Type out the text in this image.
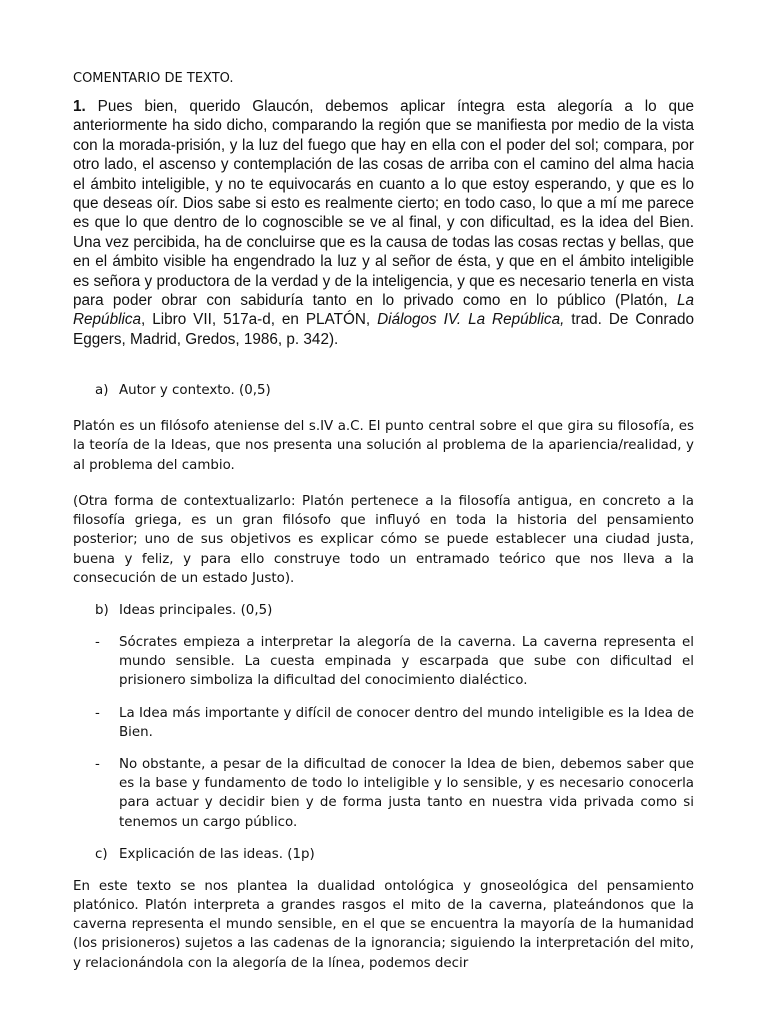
COMENTARIO DE TEXTO.

1. Pues bien, querido Glaucón, debemos aplicar íntegra esta alegoría a lo que anteriormente ha sido dicho, comparando la región que se manifiesta por medio de la vista con la morada-prisión, y la luz del fuego que hay en ella con el poder del sol; compara, por otro lado, el ascenso y contemplación de las cosas de arriba con el camino del alma hacia el ámbito inteligible, y no te equivocarás en cuanto a lo que estoy esperando, y que es lo que deseas oír. Dios sabe si esto es realmente cierto; en todo caso, lo que a mí me parece es que lo que dentro de lo cognoscible se ve al final, y con dificultad, es la idea del Bien. Una vez percibida, ha de concluirse que es la causa de todas las cosas rectas y bellas, que en el ámbito visible ha engendrado la luz y al señor de ésta, y que en el ámbito inteligible es señora y productora de la verdad y de la inteligencia, y que es necesario tenerla en vista para poder obrar con sabiduría tanto en lo privado como en lo público (Platón, La República, Libro VII, 517a-d, en PLATÓN, Diálogos IV. La República, trad. De Conrado Eggers, Madrid, Gredos, 1986, p. 342).

a) Autor y contexto. (0,5)

Platón es un filósofo ateniense del s.IV a.C. El punto central sobre el que gira su filosofía, es la teoría de la Ideas, que nos presenta una solución al problema de la apariencia/realidad, y al problema del cambio.

(Otra forma de contextualizarlo: Platón pertenece a la filosofía antigua, en concreto a la filosofía griega, es un gran filósofo que influyó en toda la historia del pensamiento posterior; uno de sus objetivos es explicar cómo se puede establecer una ciudad justa, buena y feliz, y para ello construye todo un entramado teórico que nos lleva a la consecución de un estado Justo).

b) Ideas principales. (0,5)
-	Sócrates empieza a interpretar la alegoría de la caverna. La caverna representa el mundo sensible. La cuesta empinada y escarpada que sube con dificultad el prisionero simboliza la dificultad del conocimiento dialéctico.
-	La Idea más importante y difícil de conocer dentro del mundo inteligible es la Idea de Bien.
-	No obstante, a pesar de la dificultad de conocer la Idea de bien, debemos saber que es la base y fundamento de todo lo inteligible y lo sensible, y es necesario conocerla para actuar y decidir bien y de forma justa tanto en nuestra vida privada como si tenemos un cargo público.
c) Explicación de las ideas. (1p)

En este texto se nos plantea la dualidad ontológica y gnoseológica del pensamiento platónico. Platón interpreta a grandes rasgos el mito de la caverna, plateándonos que la caverna representa el mundo sensible, en el que se encuentra la mayoría de la humanidad (los prisioneros) sujetos a las cadenas de la ignorancia; siguiendo la interpretación del mito, y relacionándola con la alegoría de la línea, podemos decir
